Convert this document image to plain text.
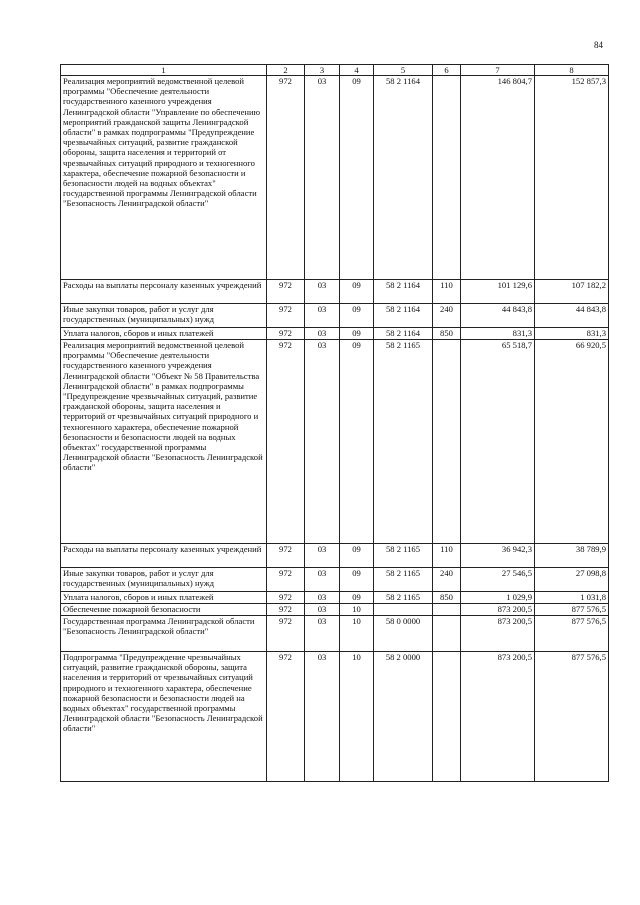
84
1	2	3	4	5	6	7	8
Реализация мероприятий ведомственной целевой программы "Обеспечение деятельности государственного казенного учреждения Ленинградской области "Управление по обеспечению мероприятий гражданской защиты Ленинградской области" в рамках подпрограммы "Предупреждение чрезвычайных ситуаций, развитие гражданской обороны, защита населения и территорий от чрезвычайных ситуаций природного и техногенного характера, обеспечение пожарной безопасности и безопасности людей на водных объектах" государственной программы Ленинградской области "Безопасность Ленинградской области"	972	03	09	58 2 1164		146 804,7	152 857,3
Расходы на выплаты персоналу казенных учреждений	972	03	09	58 2 1164	110	101 129,6	107 182,2
Иные закупки товаров, работ и услуг для государственных (муниципальных) нужд	972	03	09	58 2 1164	240	44 843,8	44 843,8
Уплата налогов, сборов и иных платежей	972	03	09	58 2 1164	850	831,3	831,3
Реализация мероприятий ведомственной целевой программы "Обеспечение деятельности государственного казенного учреждения Ленинградской области "Объект № 58 Правительства Ленинградской области" в рамках подпрограммы "Предупреждение чрезвычайных ситуаций, развитие гражданской обороны, защита населения и территорий от чрезвычайных ситуаций природного и техногенного характера, обеспечение пожарной безопасности и безопасности людей на водных объектах" государственной программы Ленинградской области "Безопасность Ленинградской области"	972	03	09	58 2 1165		65 518,7	66 920,5
Расходы на выплаты персоналу казенных учреждений	972	03	09	58 2 1165	110	36 942,3	38 789,9
Иные закупки товаров, работ и услуг для государственных (муниципальных) нужд	972	03	09	58 2 1165	240	27 546,5	27 098,8
Уплата налогов, сборов и иных платежей	972	03	09	58 2 1165	850	1 029,9	1 031,8
Обеспечение пожарной безопасности	972	03	10			873 200,5	877 576,5
Государственная программа Ленинградской области "Безопасность Ленинградской области"	972	03	10	58 0 0000		873 200,5	877 576,5
Подпрограмма "Предупреждение чрезвычайных ситуаций, развитие гражданской обороны, защита населения и территорий от чрезвычайных ситуаций природного и техногенного характера, обеспечение пожарной безопасности и безопасности людей на водных объектах" государственной программы Ленинградской области "Безопасность Ленинградской области"	972	03	10	58 2 0000		873 200,5	877 576,5
